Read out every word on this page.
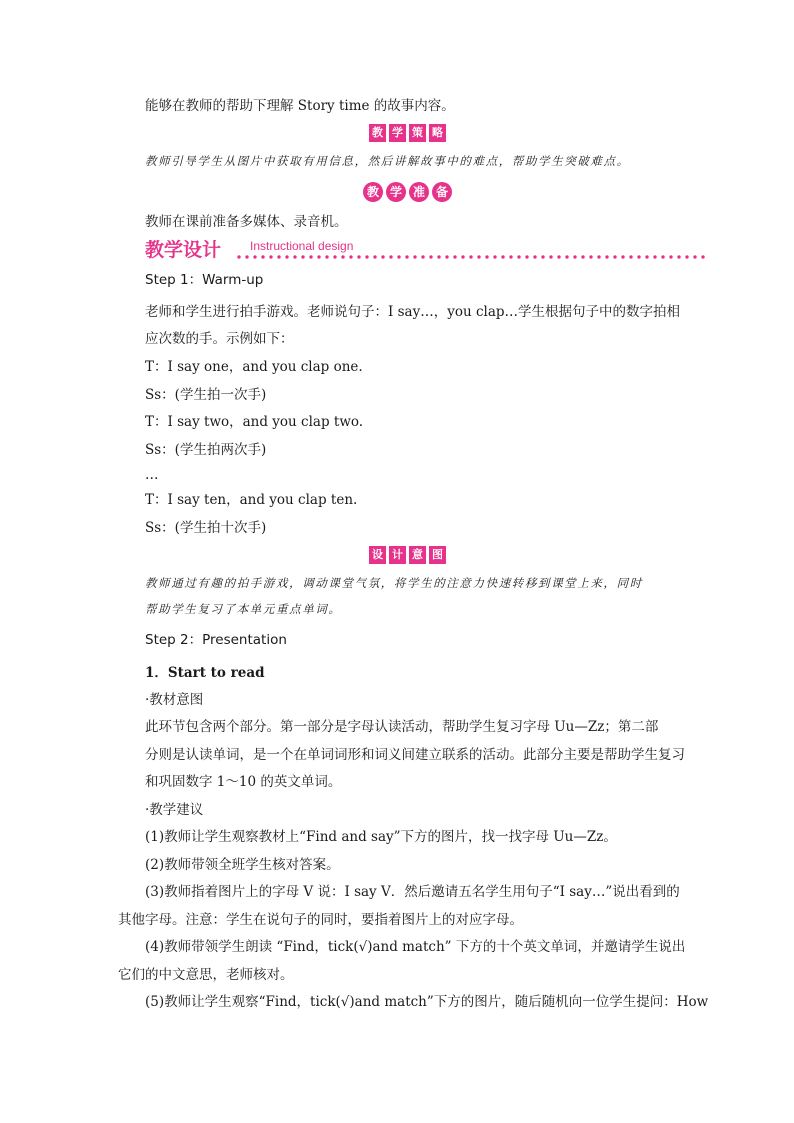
能够在教师的帮助下理解 Story time 的故事内容。
教 学 策 略
教师引导学生从图片中获取有用信息，然后讲解故事中的难点，帮助学生突破难点。
教 学 准 备
教师在课前准备多媒体、录音机。
教学设计 Instructional design
Step 1：Warm-up
老师和学生进行拍手游戏。老师说句子：I say…，you clap…学生根据句子中的数字拍相
应次数的手。示例如下：
T：I say one，and you clap one.
Ss：(学生拍一次手)
T：I say two，and you clap two.
Ss：(学生拍两次手)
…
T：I say ten，and you clap ten.
Ss：(学生拍十次手)
设 计 意 图
教师通过有趣的拍手游戏，调动课堂气氛，将学生的注意力快速转移到课堂上来，同时
帮助学生复习了本单元重点单词。
Step 2：Presentation
1．Start to read
·教材意图
此环节包含两个部分。第一部分是字母认读活动，帮助学生复习字母 Uu—Zz；第二部
分则是认读单词，是一个在单词词形和词义间建立联系的活动。此部分主要是帮助学生复习
和巩固数字 1～10 的英文单词。
·教学建议
(1)教师让学生观察教材上“Find and say”下方的图片，找一找字母 Uu—Zz。
(2)教师带领全班学生核对答案。
(3)教师指着图片上的字母 V 说：I say V．然后邀请五名学生用句子“I say…”说出看到的
其他字母。注意：学生在说句子的同时，要指着图片上的对应字母。
(4)教师带领学生朗读 “Find，tick(√)and match” 下方的十个英文单词，并邀请学生说出
它们的中文意思，老师核对。
(5)教师让学生观察“Find，tick(√)and match”下方的图片，随后随机向一位学生提问：How
